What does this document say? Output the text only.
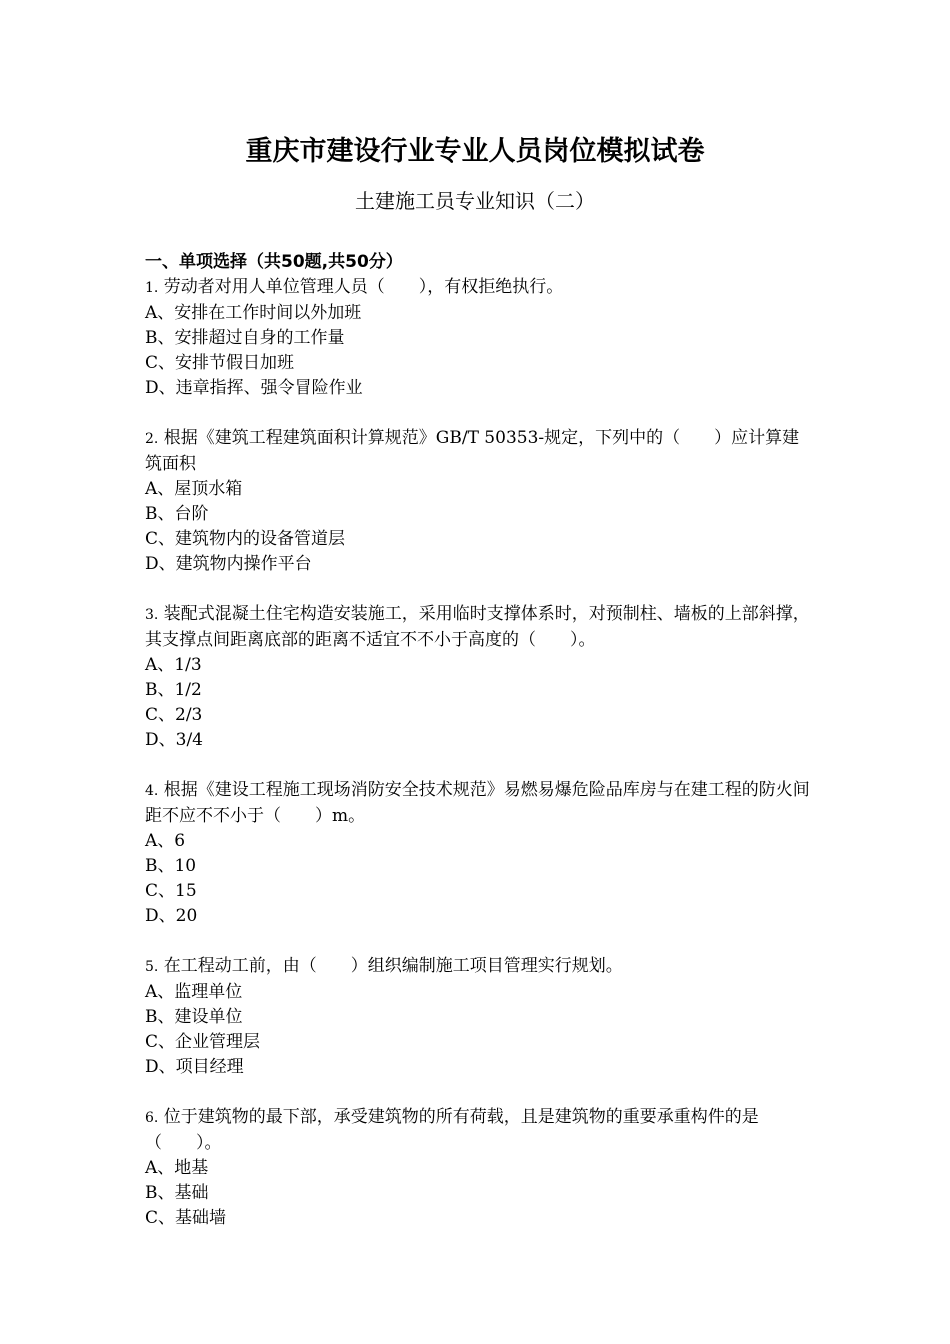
重庆市建设行业专业人员岗位模拟试卷
土建施工员专业知识（二）
一、单项选择（共50题,共50分）
1. 劳动者对用人单位管理人员（　　），有权拒绝执行。
A、安排在工作时间以外加班
B、安排超过自身的工作量
C、安排节假日加班
D、违章指挥、强令冒险作业
2. 根据《建筑工程建筑面积计算规范》GB/T 50353-规定，下列中的（　　）应计算建筑面积
A、屋顶水箱
B、台阶
C、建筑物内的设备管道层
D、建筑物内操作平台
3. 装配式混凝土住宅构造安装施工，采用临时支撑体系时，对预制柱、墙板的上部斜撑，其支撑点间距离底部的距离不适宜不不小于高度的（　　）。
A、1/3
B、1/2
C、2/3
D、3/4
4. 根据《建设工程施工现场消防安全技术规范》易燃易爆危险品库房与在建工程的防火间距不应不不小于（　　）m。
A、6
B、10
C、15
D、20
5. 在工程动工前，由（　　）组织编制施工项目管理实行规划。
A、监理单位
B、建设单位
C、企业管理层
D、项目经理
6. 位于建筑物的最下部，承受建筑物的所有荷载，且是建筑物的重要承重构件的是（　　）。
A、地基
B、基础
C、基础墙
